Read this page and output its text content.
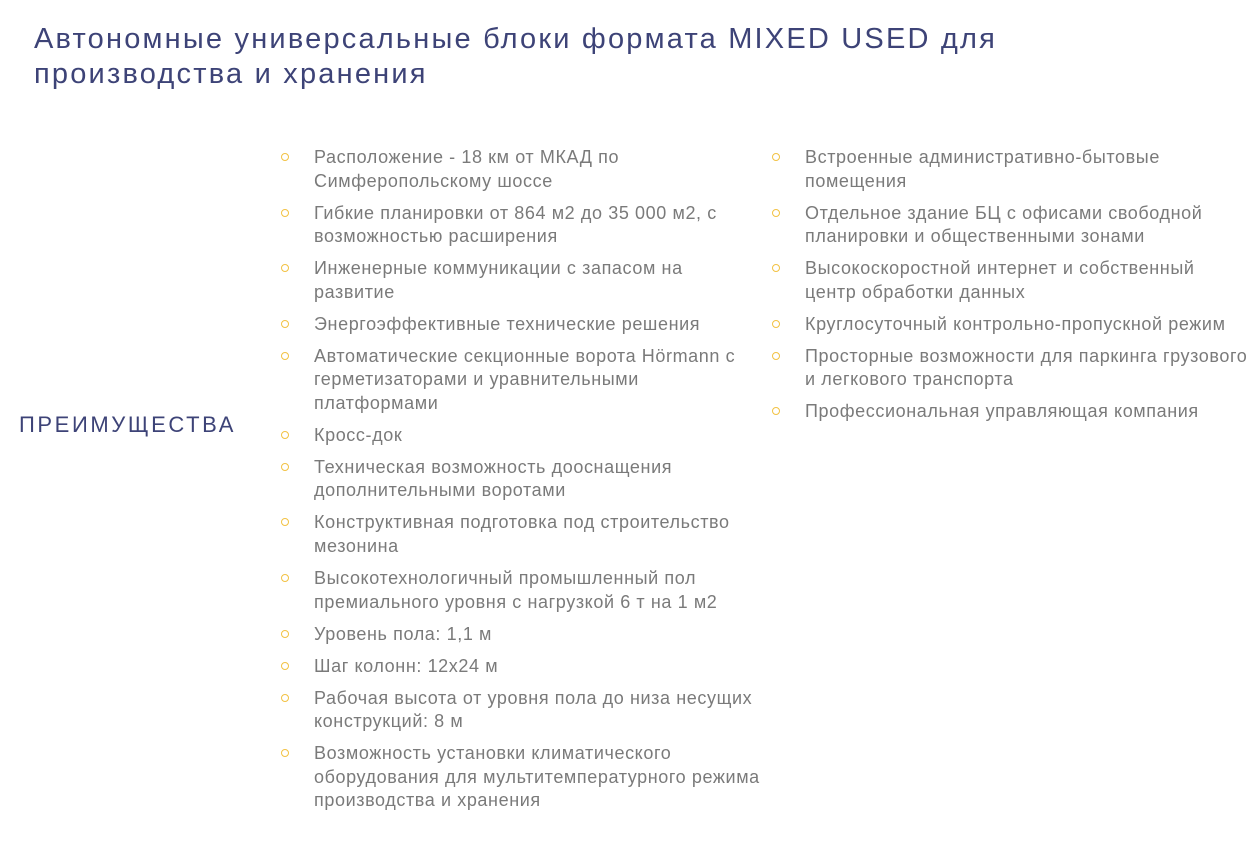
Автономные универсальные блоки формата MIXED USED для производства и хранения
ПРЕИМУЩЕСТВА
Расположение - 18 км от МКАД по Симферопольскому шоссе
Гибкие планировки от 864 м2 до 35 000 м2, с возможностью расширения
Инженерные коммуникации с запасом на развитие
Энергоэффективные технические решения
Автоматические секционные ворота Hörmann с герметизаторами и уравнительными платформами
Кросс-док
Техническая возможность дооснащения дополнительными воротами
Конструктивная подготовка под строительство мезонина
Высокотехнологичный промышленный пол премиального уровня с нагрузкой 6 т на 1 м2
Уровень пола: 1,1 м
Шаг колонн: 12х24 м
Рабочая высота от уровня пола до низа несущих конструкций: 8 м
Возможность установки климатического оборудования для мультитемпературного режима производства и хранения
Встроенные административно-бытовые помещения
Отдельное здание БЦ с офисами свободной планировки и общественными зонами
Высокоскоростной интернет и собственный центр обработки данных
Круглосуточный контрольно-пропускной режим
Просторные возможности для паркинга грузового и легкового транспорта
Профессиональная управляющая компания
